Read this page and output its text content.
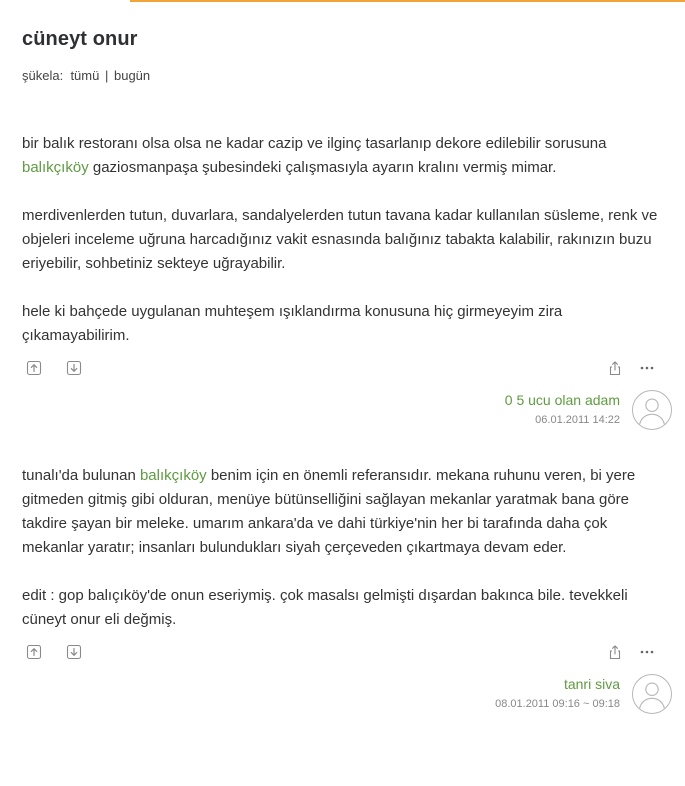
cüneyt onur
şükela: tümü | bugün

bir balık restoranı olsa olsa ne kadar cazip ve ilginç tasarlanıp dekore edilebilir sorusuna balıkçıköy gaziosmanpaşa şubesindeki çalışmasıyla ayarın kralını vermiş mimar.

merdivenlerden tutun, duvarlara, sandalyelerden tutun tavana kadar kullanılan süsleme, renk ve objeleri inceleme uğruna harcadığınız vakit esnasında balığınız tabakta kalabilir, rakınızın buzu eriyebilir, sohbetiniz sekteye uğrayabilir.

hele ki bahçede uygulanan muhteşem ışıklandırma konusuna hiç girmeyeyim zira çıkamayabilirim.

0 5 ucu olan adam
06.01.2011 14:22

tunalı'da bulunan balıkçıköy benim için en önemli referansıdır. mekana ruhunu veren, bi yere gitmeden gitmiş gibi olduran, menüye bütünselliğini sağlayan mekanlar yaratmak bana göre takdire şayan bir meleke. umarım ankara'da ve dahi türkiye'nin her bi tarafında daha çok mekanlar yaratır; insanları bulundukları siyah çerçeveden çıkartmaya devam eder.

edit : gop balıçıköy'de onun eseriymiş. çok masalsı gelmişti dışardan bakınca bile. tevekkeli cüneyt onur eli değmiş.

tanri siva
08.01.2011 09:16 ~ 09:18
